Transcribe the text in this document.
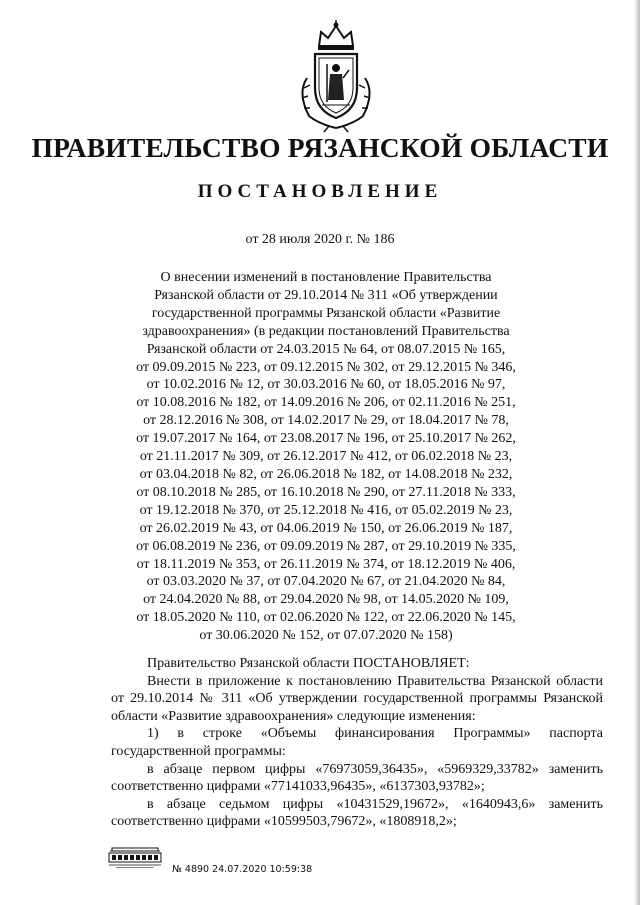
ПРАВИТЕЛЬСТВО РЯЗАНСКОЙ ОБЛАСТИ
ПОСТАНОВЛЕНИЕ

от 28 июля 2020 г. № 186

О внесении изменений в постановление Правительства
Рязанской области от 29.10.2014 № 311 «Об утверждении
государственной программы Рязанской области «Развитие
здравоохранения» (в редакции постановлений Правительства
Рязанской области от 24.03.2015 № 64, от 08.07.2015 № 165,
от 09.09.2015 № 223, от 09.12.2015 № 302, от 29.12.2015 № 346,
от 10.02.2016 № 12, от 30.03.2016 № 60, от 18.05.2016 № 97,
от 10.08.2016 № 182, от 14.09.2016 № 206, от 02.11.2016 № 251,
от 28.12.2016 № 308, от 14.02.2017 № 29, от 18.04.2017 № 78,
от 19.07.2017 № 164, от 23.08.2017 № 196, от 25.10.2017 № 262,
от 21.11.2017 № 309, от 26.12.2017 № 412, от 06.02.2018 № 23,
от 03.04.2018 № 82, от 26.06.2018 № 182, от 14.08.2018 № 232,
от 08.10.2018 № 285, от 16.10.2018 № 290, от 27.11.2018 № 333,
от 19.12.2018 № 370, от 25.12.2018 № 416, от 05.02.2019 № 23,
от 26.02.2019 № 43, от 04.06.2019 № 150, от 26.06.2019 № 187,
от 06.08.2019 № 236, от 09.09.2019 № 287, от 29.10.2019 № 335,
от 18.11.2019 № 353, от 26.11.2019 № 374, от 18.12.2019 № 406,
от 03.03.2020 № 37, от 07.04.2020 № 67, от 21.04.2020 № 84,
от 24.04.2020 № 88, от 29.04.2020 № 98, от 14.05.2020 № 109,
от 18.05.2020 № 110, от 02.06.2020 № 122, от 22.06.2020 № 145,
от 30.06.2020 № 152, от 07.07.2020 № 158)

Правительство Рязанской области ПОСТАНОВЛЯЕТ:

Внести в приложение к постановлению Правительства Рязанской области от 29.10.2014 № 311 «Об утверждении государственной программы Рязанской области «Развитие здравоохранения» следующие изменения:

1) в строке «Объемы финансирования Программы» паспорта

государственной программы:

в абзаце первом цифры «76973059,36435», «5969329,33782» заменить соответственно цифрами «77141033,96435», «6137303,93782»;

в абзаце седьмом цифры «10431529,19672», «1640943,6» заменить соответственно цифрами «10599503,79672», «1808918,2»;

№ 4890 24.07.2020 10:59:38
